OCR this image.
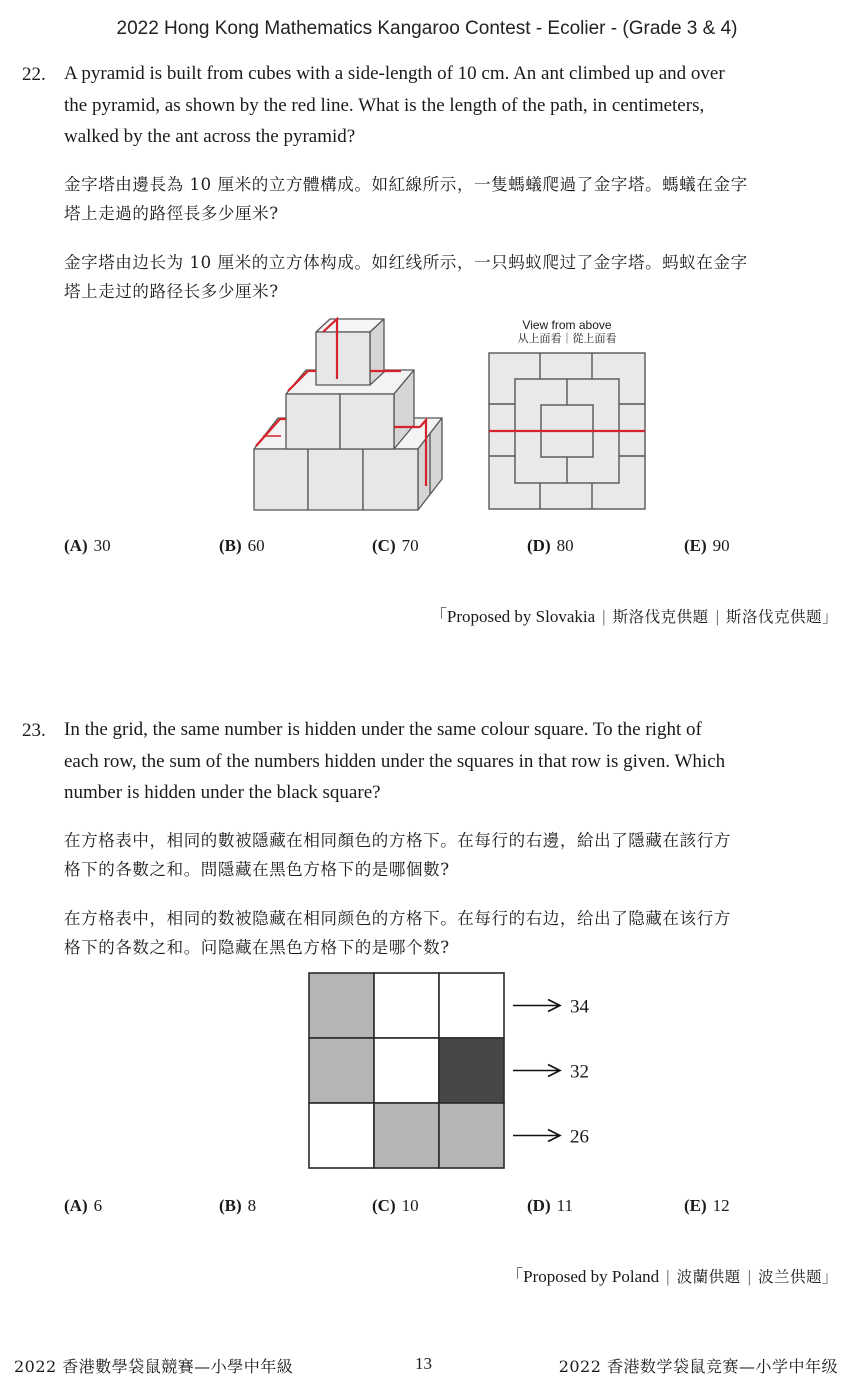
2022 Hong Kong Mathematics Kangaroo Contest - Ecolier - (Grade 3 & 4)
22. A pyramid is built from cubes with a side-length of 10 cm. An ant climbed up and over
the pyramid, as shown by the red line. What is the length of the path, in centimeters,
walked by the ant across the pyramid?
金字塔由邊長為 10 厘米的立方體構成。如紅線所示，一隻螞蟻爬過了金字塔。螞蟻在金字
塔上走過的路徑長多少厘米?
金字塔由边长为 10 厘米的立方体构成。如红线所示，一只蚂蚁爬过了金字塔。蚂蚁在金字
塔上走过的路径长多少厘米?
View from above
从上面看｜從上面看
(A) 30	(B) 60	(C) 70	(D) 80	(E) 90
「Proposed by Slovakia | 斯洛伐克供題 | 斯洛伐克供题」
23. In the grid, the same number is hidden under the same colour square. To the right of
each row, the sum of the numbers hidden under the squares in that row is given. Which
number is hidden under the black square?
在方格表中，相同的數被隱藏在相同顏色的方格下。在每行的右邊，給出了隱藏在該行方
格下的各數之和。問隱藏在黑色方格下的是哪個數?
在方格表中，相同的数被隐藏在相同颜色的方格下。在每行的右边，给出了隐藏在该行方
格下的各数之和。问隐藏在黑色方格下的是哪个数?
34
32
26
(A) 6	(B) 8	(C) 10	(D) 11	(E) 12
「Proposed by Poland | 波蘭供題 | 波兰供题」
2022 香港數學袋鼠競賽—小學中年級	13	2022 香港数学袋鼠竞赛—小学中年级
